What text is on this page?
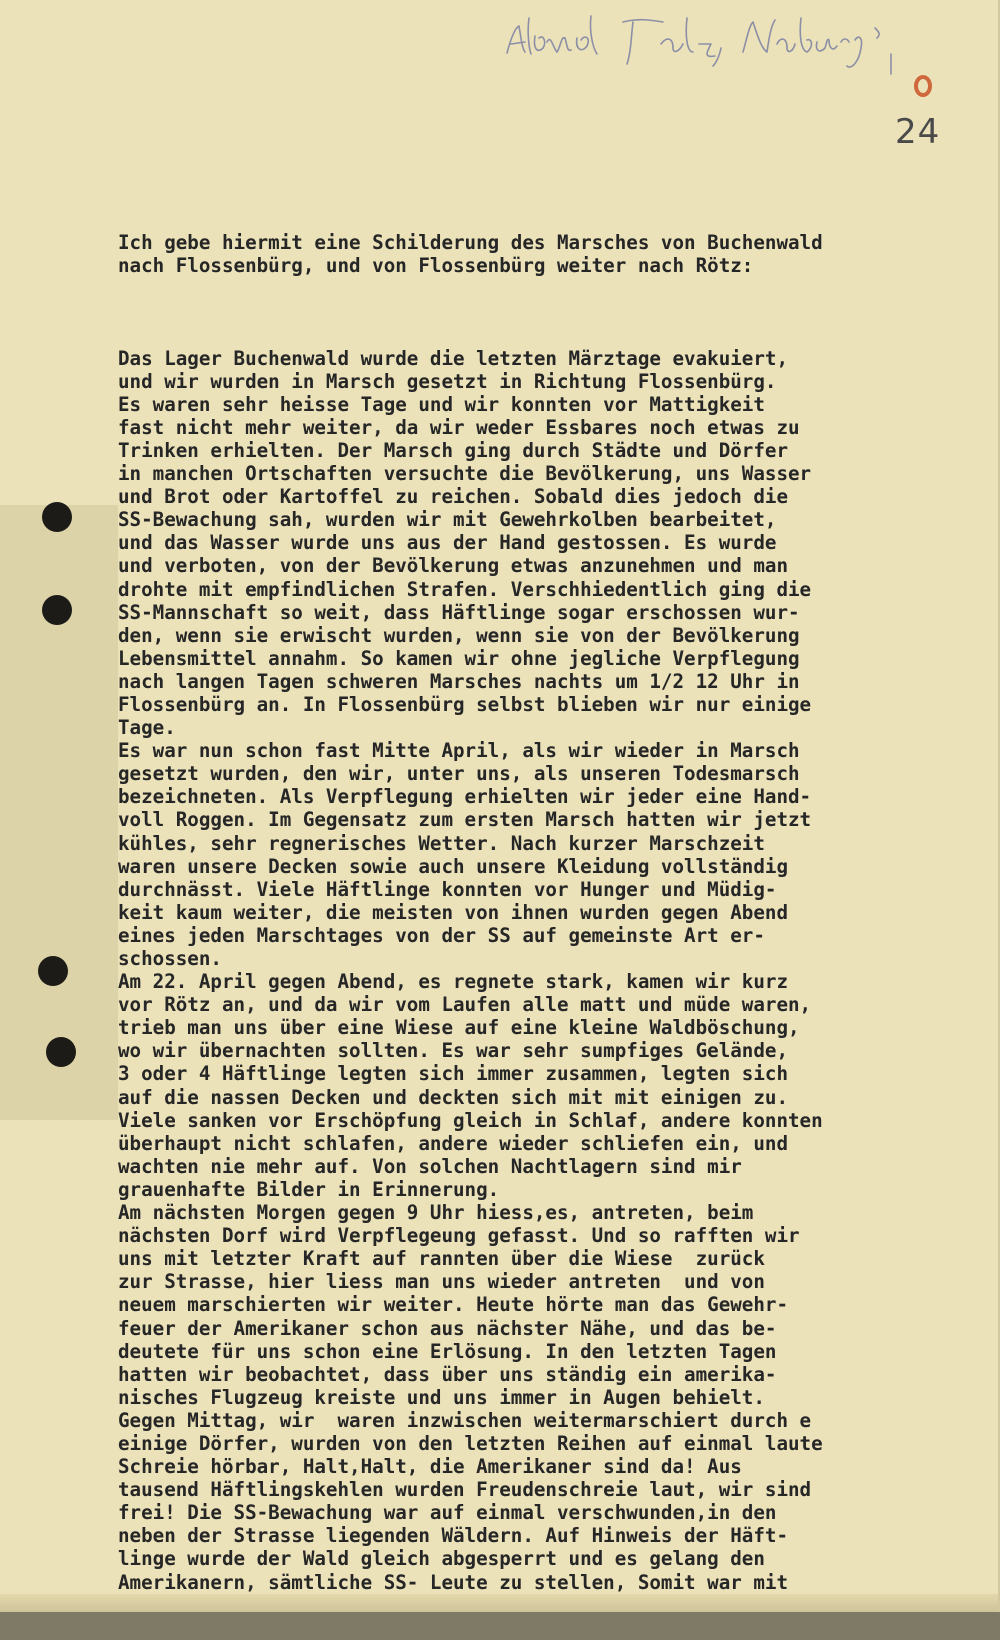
24

Ich gebe hiermit eine Schilderung des Marsches von Buchenwald
nach Flossenbürg, und von Flossenbürg weiter nach Rötz:

Das Lager Buchenwald wurde die letzten Märztage evakuiert,
und wir wurden in Marsch gesetzt in Richtung Flossenbürg.
Es waren sehr heisse Tage und wir konnten vor Mattigkeit
fast nicht mehr weiter, da wir weder Essbares noch etwas zu
Trinken erhielten. Der Marsch ging durch Städte und Dörfer
in manchen Ortschaften versuchte die Bevölkerung, uns Wasser
und Brot oder Kartoffel zu reichen. Sobald dies jedoch die
SS-Bewachung sah, wurden wir mit Gewehrkolben bearbeitet,
und das Wasser wurde uns aus der Hand gestossen. Es wurde
und verboten, von der Bevölkerung etwas anzunehmen und man
drohte mit empfindlichen Strafen. Verschhiedentlich ging die
SS-Mannschaft so weit, dass Häftlinge sogar erschossen wur-
den, wenn sie erwischt wurden, wenn sie von der Bevölkerung
Lebensmittel annahm. So kamen wir ohne jegliche Verpflegung
nach langen Tagen schweren Marsches nachts um 1/2 12 Uhr in
Flossenbürg an. In Flossenbürg selbst blieben wir nur einige
Tage.
Es war nun schon fast Mitte April, als wir wieder in Marsch
gesetzt wurden, den wir, unter uns, als unseren Todesmarsch
bezeichneten. Als Verpflegung erhielten wir jeder eine Hand-
voll Roggen. Im Gegensatz zum ersten Marsch hatten wir jetzt
kühles, sehr regnerisches Wetter. Nach kurzer Marschzeit
waren unsere Decken sowie auch unsere Kleidung vollständig
durchnässt. Viele Häftlinge konnten vor Hunger und Müdig-
keit kaum weiter, die meisten von ihnen wurden gegen Abend
eines jeden Marschtages von der SS auf gemeinste Art er-
schossen.
Am 22. April gegen Abend, es regnete stark, kamen wir kurz
vor Rötz an, und da wir vom Laufen alle matt und müde waren,
trieb man uns über eine Wiese auf eine kleine Waldböschung,
wo wir übernachten sollten. Es war sehr sumpfiges Gelände,
3 oder 4 Häftlinge legten sich immer zusammen, legten sich
auf die nassen Decken und deckten sich mit mit einigen zu.
Viele sanken vor Erschöpfung gleich in Schlaf, andere konnten
überhaupt nicht schlafen, andere wieder schliefen ein, und
wachten nie mehr auf. Von solchen Nachtlagern sind mir
grauenhafte Bilder in Erinnerung.
Am nächsten Morgen gegen 9 Uhr hiess,es, antreten, beim
nächsten Dorf wird Verpflegeung gefasst. Und so rafften wir
uns mit letzter Kraft auf rannten über die Wiese  zurück
zur Strasse, hier liess man uns wieder antreten  und von
neuem marschierten wir weiter. Heute hörte man das Gewehr-
feuer der Amerikaner schon aus nächster Nähe, und das be-
deutete für uns schon eine Erlösung. In den letzten Tagen
hatten wir beobachtet, dass über uns ständig ein amerika-
nisches Flugzeug kreiste und uns immer in Augen behielt.
Gegen Mittag, wir  waren inzwischen weitermarschiert durch e
einige Dörfer, wurden von den letzten Reihen auf einmal laute
Schreie hörbar, Halt,Halt, die Amerikaner sind da! Aus
tausend Häftlingskehlen wurden Freudenschreie laut, wir sind
frei! Die SS-Bewachung war auf einmal verschwunden,in den
neben der Strasse liegenden Wäldern. Auf Hinweis der Häft-
linge wurde der Wald gleich abgesperrt und es gelang den
Amerikanern, sämtliche SS- Leute zu stellen, Somit war mit
